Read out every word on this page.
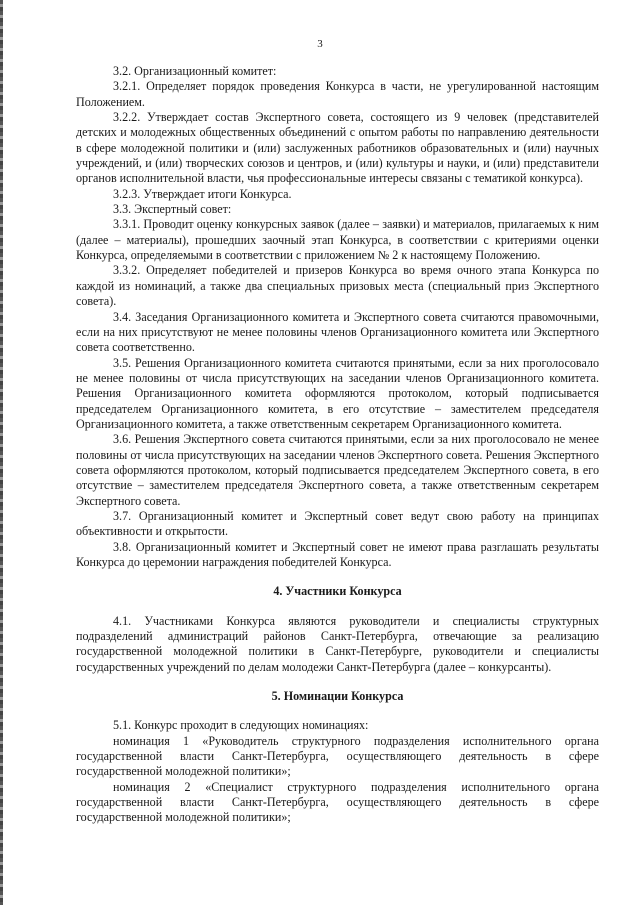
3

3.2. Организационный комитет:

3.2.1. Определяет порядок проведения Конкурса в части, не урегулированной настоящим Положением.

3.2.2. Утверждает состав Экспертного совета, состоящего из 9 человек (представителей детских и молодежных общественных объединений с опытом работы по направлению деятельности в сфере молодежной политики и (или) заслуженных работников образовательных и (или) научных учреждений, и (или) творческих союзов и центров, и (или) культуры и науки, и (или) представители органов исполнительной власти, чья профессиональные интересы связаны с тематикой конкурса).

3.2.3. Утверждает итоги Конкурса.

3.3. Экспертный совет:

3.3.1. Проводит оценку конкурсных заявок (далее – заявки) и материалов, прилагаемых к ним (далее – материалы), прошедших заочный этап Конкурса, в соответствии с критериями оценки Конкурса, определяемыми в соответствии с приложением № 2 к настоящему Положению.

3.3.2. Определяет победителей и призеров Конкурса во время очного этапа Конкурса по каждой из номинаций, а также два специальных призовых места (специальный приз Экспертного совета).

3.4. Заседания Организационного комитета и Экспертного совета считаются правомочными, если на них присутствуют не менее половины членов Организационного комитета или Экспертного совета соответственно.

3.5. Решения Организационного комитета считаются принятыми, если за них проголосовало не менее половины от числа присутствующих на заседании членов Организационного комитета. Решения Организационного комитета оформляются протоколом, который подписывается председателем Организационного комитета, в его отсутствие – заместителем председателя Организационного комитета, а также ответственным секретарем Организационного комитета.

3.6. Решения Экспертного совета считаются принятыми, если за них проголосовало не менее половины от числа присутствующих на заседании членов Экспертного совета. Решения Экспертного совета оформляются протоколом, который подписывается председателем Экспертного совета, в его отсутствие – заместителем председателя Экспертного совета, а также ответственным секретарем Экспертного совета.

3.7. Организационный комитет и Экспертный совет ведут свою работу на принципах объективности и открытости.

3.8. Организационный комитет и Экспертный совет не имеют права разглашать результаты Конкурса до церемонии награждения победителей Конкурса.

4. Участники Конкурса

4.1. Участниками Конкурса являются руководители и специалисты структурных подразделений администраций районов Санкт-Петербурга, отвечающие за реализацию государственной молодежной политики в Санкт-Петербурге, руководители и специалисты государственных учреждений по делам молодежи Санкт-Петербурга (далее – конкурсанты).

5. Номинации Конкурса

5.1. Конкурс проходит в следующих номинациях:

номинация 1 «Руководитель структурного подразделения исполнительного органа государственной власти Санкт-Петербурга, осуществляющего деятельность в сфере государственной молодежной политики»;

номинация 2 «Специалист структурного подразделения исполнительного органа государственной власти Санкт-Петербурга, осуществляющего деятельность в сфере государственной молодежной политики»;
